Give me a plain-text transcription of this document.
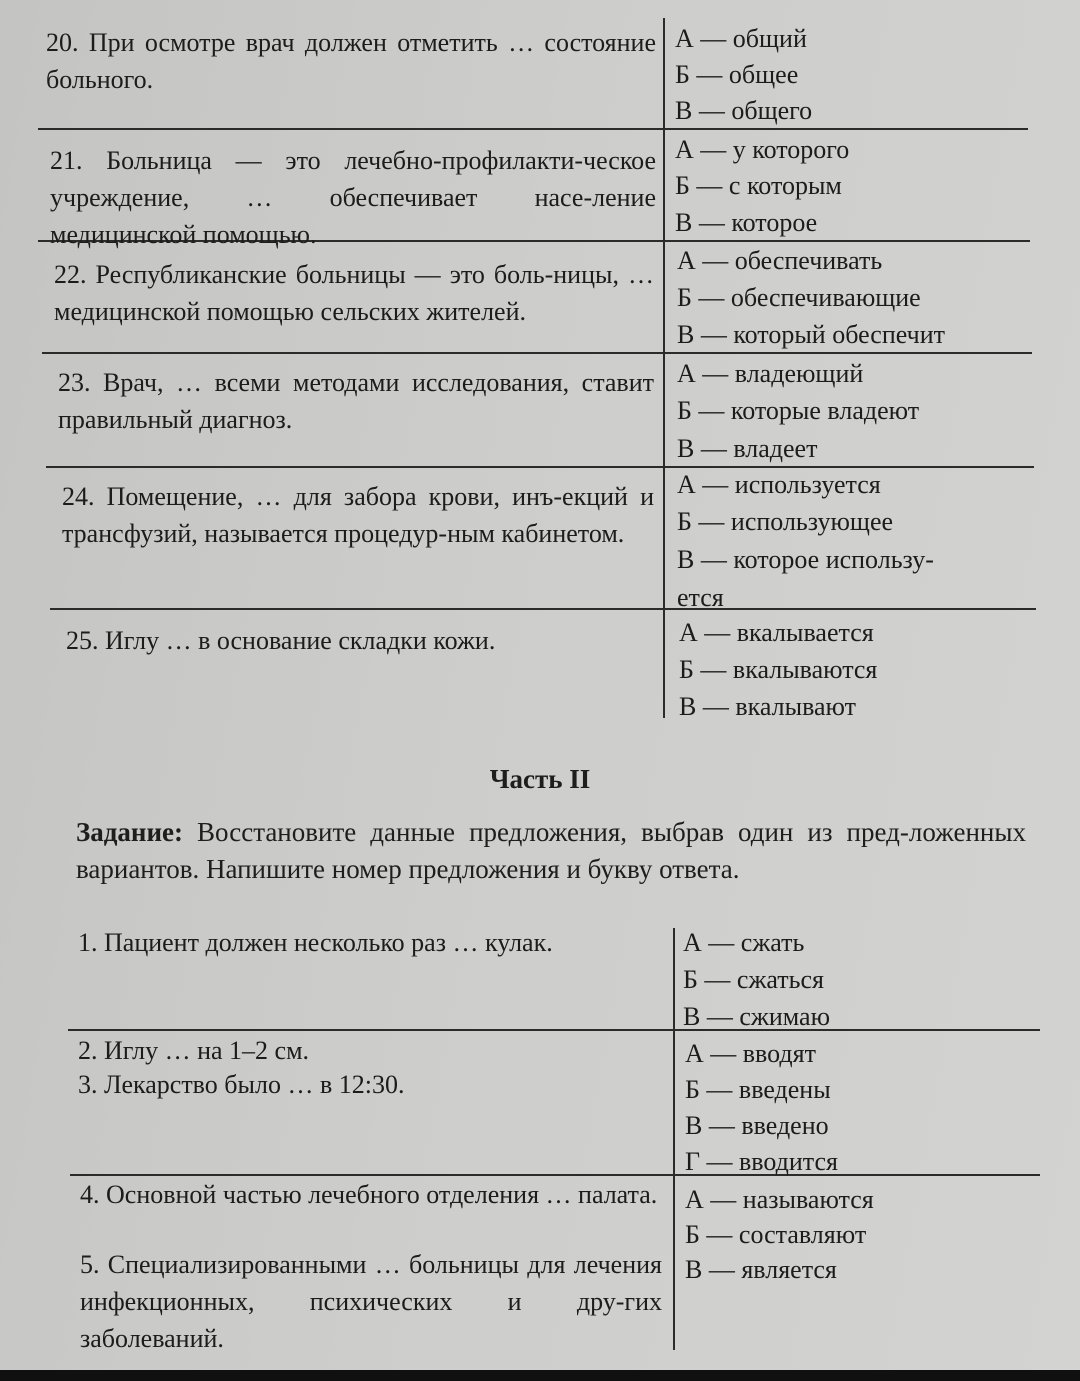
20. При осмотре врач должен отметить … состояние больного.
А — общий
Б — общее
В — общего
21. Больница — это лечебно-профилакти-ческое учреждение, … обеспечивает насе-ление медицинской помощью.
А — у которого
Б — с которым
В — которое
22. Республиканские больницы — это боль-ницы, … медицинской помощью сельских жителей.
А — обеспечивать
Б — обеспечивающие
В — который обеспечит
23. Врач, … всеми методами исследования, ставит правильный диагноз.
А — владеющий
Б — которые владеют
В — владеет
24. Помещение, … для забора крови, инъ-екций и трансфузий, называется процедур-ным кабинетом.
А — используется
Б — использующее
В — которое использу-
ется
25. Иглу … в основание складки кожи.	А — вкалывается
Б — вкалываются
В — вкалывают
Часть II
Задание: Восстановите данные предложения, выбрав один из пред-ложенных вариантов. Напишите номер предложения и букву ответа.
1. Пациент должен несколько раз … кулак.	А — сжать
Б — сжаться
В — сжимаю
2. Иглу … на 1–2 см.
3. Лекарство было … в 12:30.
А — вводят
Б — введены
В — введено
Г — вводится
4. Основной частью лечебного отделения … палата.
5. Специализированными … больницы для лечения инфекционных, психических и дру-гих заболеваний.
А — называются
Б — составляют
В — является
